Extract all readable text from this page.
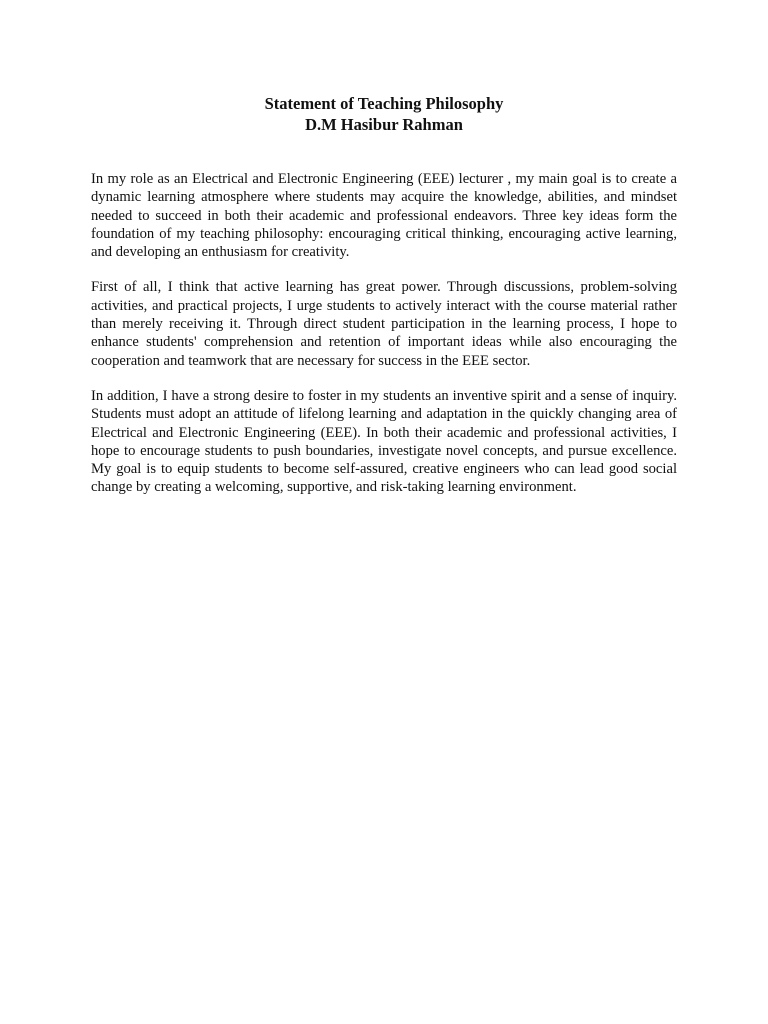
Statement of Teaching Philosophy

D.M Hasibur Rahman

In my role as an Electrical and Electronic Engineering (EEE) lecturer , my main goal is to create a dynamic learning atmosphere where students may acquire the knowledge, abilities, and mindset needed to succeed in both their academic and professional endeavors. Three key ideas form the foundation of my teaching philosophy: encouraging critical thinking, encouraging active learning, and developing an enthusiasm for creativity.

First of all, I think that active learning has great power. Through discussions, problem-solving activities, and practical projects, I urge students to actively interact with the course material rather than merely receiving it. Through direct student participation in the learning process, I hope to enhance students' comprehension and retention of important ideas while also encouraging the cooperation and teamwork that are necessary for success in the EEE sector.

In addition, I have a strong desire to foster in my students an inventive spirit and a sense of inquiry. Students must adopt an attitude of lifelong learning and adaptation in the quickly changing area of Electrical and Electronic Engineering (EEE). In both their academic and professional activities, I hope to encourage students to push boundaries, investigate novel concepts, and pursue excellence. My goal is to equip students to become self-assured, creative engineers who can lead good social change by creating a welcoming, supportive, and risk-taking learning environment.
